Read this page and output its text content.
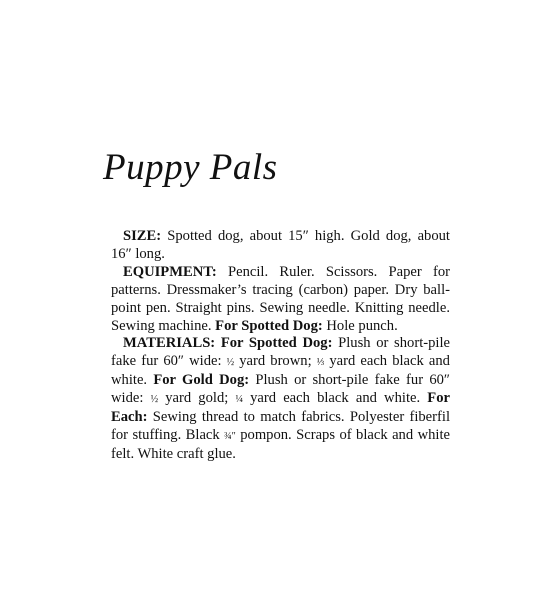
Puppy Pals

SIZE: Spotted dog, about 15″ high. Gold dog, about 16″ long.

EQUIPMENT: Pencil. Ruler. Scissors. Paper for patterns. Dressmaker’s tracing (carbon) paper. Dry ball-point pen. Straight pins. Sewing needle. Knitting needle. Sewing machine. For Spotted Dog: Hole punch.

MATERIALS: For Spotted Dog: Plush or short-pile fake fur 60″ wide: ½ yard brown; ⅓ yard each black and white. For Gold Dog: Plush or short-pile fake fur 60″ wide: ½ yard gold; ¼ yard each black and white. For Each: Sewing thread to match fabrics. Polyester fiberfil for stuffing. Black ¾″ pompon. Scraps of black and white felt. White craft glue.
